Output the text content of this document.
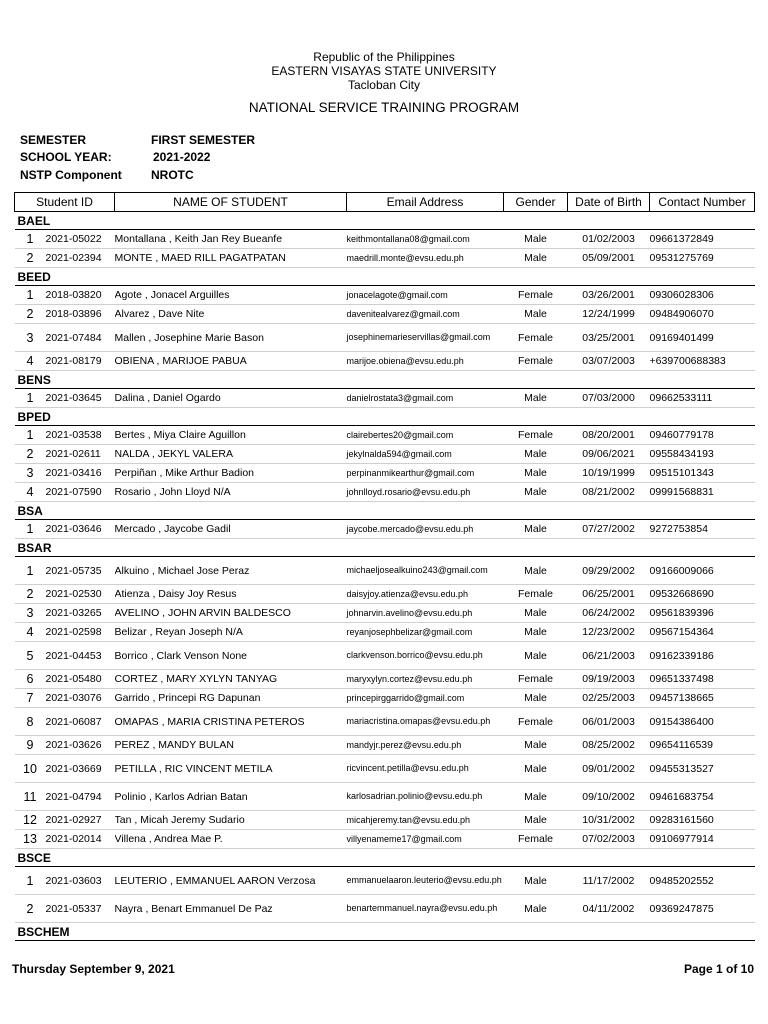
Republic of the Philippines
EASTERN VISAYAS STATE UNIVERSITY
Tacloban City
NATIONAL SERVICE TRAINING PROGRAM
SEMESTER	FIRST SEMESTER
SCHOOL YEAR:	2021-2022
NSTP Component NROTC
Student ID		NAME OF STUDENT	Email Address	Gender	Date of Birth	Contact Number
BAEL						
1	2021-05022	Montallana , Keith Jan Rey Bueanfe	keithmontallana08@gmail.com	Male	01/02/2003	09661372849
2	2021-02394	MONTE , MAED RILL PAGATPATAN	maedrill.monte@evsu.edu.ph	Male	05/09/2001	09531275769
BEED						
1	2018-03820	Agote , Jonacel Arguilles	jonacelagote@gmail.com	Female	03/26/2001	09306028306
2	2018-03896	Alvarez , Dave Nite	davenitealvarez@gmail.com	Male	12/24/1999	09484906070
3	2021-07484	Mallen , Josephine Marie Bason	josephinemarieservillas@gmail.com	Female	03/25/2001	09169401499
4	2021-08179	OBIENA , MARIJOE PABUA	marijoe.obiena@evsu.edu.ph	Female	03/07/2003	+639700688383
BENS						
1	2021-03645	Dalina , Daniel Ogardo	danielrostata3@gmail.com	Male	07/03/2000	09662533111
BPED						
1	2021-03538	Bertes , Miya Claire Aguillon	clairebertes20@gmail.com	Female	08/20/2001	09460779178
2	2021-02611	NALDA , JEKYL VALERA	jekylnalda594@gmail.com	Male	09/06/2021	09558434193
3	2021-03416	Perpiñan , Mike Arthur Badion	perpinanmikearthur@gmail.com	Male	10/19/1999	09515101343
4	2021-07590	Rosario , John Lloyd N/A	johnlloyd.rosario@evsu.edu.ph	Male	08/21/2002	09991568831
BSA						
1	2021-03646	Mercado , Jaycobe Gadil	jaycobe.mercado@evsu.edu.ph	Male	07/27/2002	9272753854
BSAR						
1	2021-05735	Alkuino , Michael Jose Peraz	michaeljosealkuino243@gmail.com	Male	09/29/2002	09166009066
2	2021-02530	Atienza , Daisy Joy Resus	daisyjoy.atienza@evsu.edu.ph	Female	06/25/2001	09532668690
3	2021-03265	AVELINO , JOHN ARVIN BALDESCO	johnarvin.avelino@evsu.edu.ph	Male	06/24/2002	09561839396
4	2021-02598	Belizar , Reyan Joseph N/A	reyanjosephbelizar@gmail.com	Male	12/23/2002	09567154364
5	2021-04453	Borrico , Clark Venson None	clarkvenson.borrico@evsu.edu.ph	Male	06/21/2003	09162339186
6	2021-05480	CORTEZ , MARY XYLYN TANYAG	maryxylyn.cortez@evsu.edu.ph	Female	09/19/2003	09651337498
7	2021-03076	Garrido , Princepi RG Dapunan	princepirggarrido@gmail.com	Male	02/25/2003	09457138665
8	2021-06087	OMAPAS , MARIA CRISTINA PETEROS	mariacristina.omapas@evsu.edu.ph	Female	06/01/2003	09154386400
9	2021-03626	PEREZ , MANDY BULAN	mandyjr.perez@evsu.edu.ph	Male	08/25/2002	09654116539
10	2021-03669	PETILLA , RIC VINCENT METILA	ricvincent.petilla@evsu.edu.ph	Male	09/01/2002	09455313527
11	2021-04794	Polinio , Karlos Adrian Batan	karlosadrian.polinio@evsu.edu.ph	Male	09/10/2002	09461683754
12	2021-02927	Tan , Micah Jeremy Sudario	micahjeremy.tan@evsu.edu.ph	Male	10/31/2002	09283161560
13	2021-02014	Villena , Andrea Mae P.	villyenameme17@gmail.com	Female	07/02/2003	09106977914
BSCE						
1	2021-03603	LEUTERIO , EMMANUEL AARON Verzosa	emmanuelaaron.leuterio@evsu.edu.ph	Male	11/17/2002	09485202552
2	2021-05337	Nayra , Benart Emmanuel De Paz	benartemmanuel.nayra@evsu.edu.ph	Male	04/11/2002	09369247875
BSCHEM						
Thursday September 9, 2021	Page 1 of 10
